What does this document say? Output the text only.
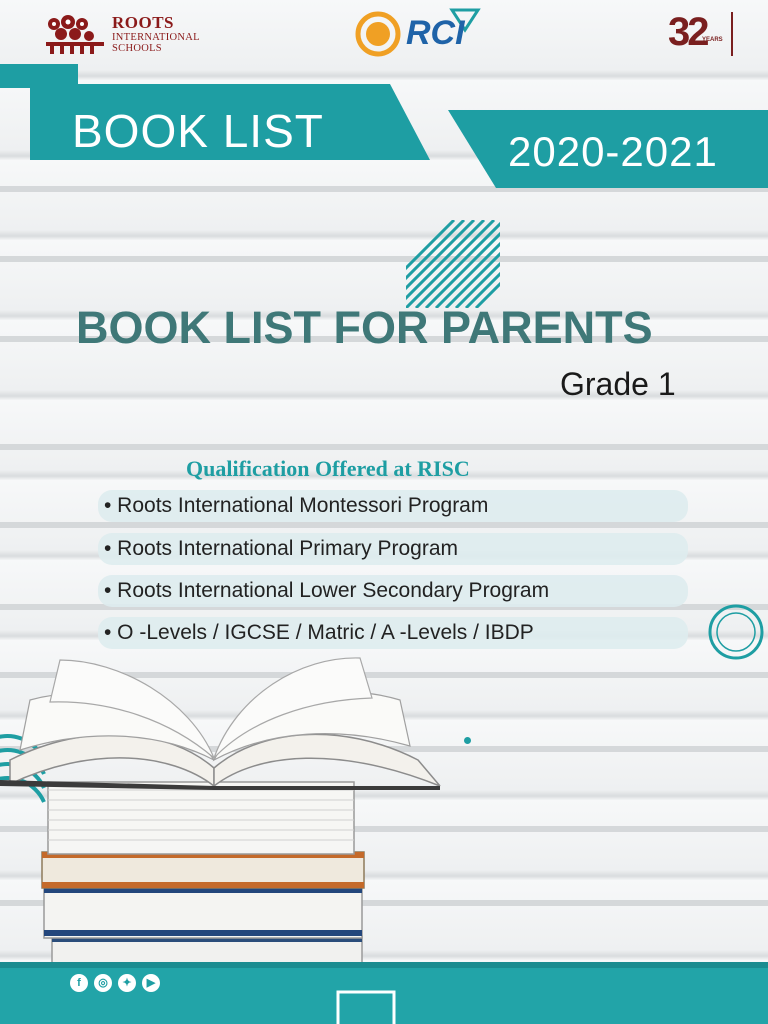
ROOTS
INTERNATIONAL
SCHOOLS	RCI	32
YEARS
BOOK LIST	2020-2021
BOOK LIST FOR PARENTS
Grade 1
Qualification Offered at RISC
• Roots International Montessori Program
• Roots International Primary Program
• Roots International Lower Secondary Program
• O -Levels / IGCSE / Matric / A -Levels / IBDP
f	◎	✦	▶
